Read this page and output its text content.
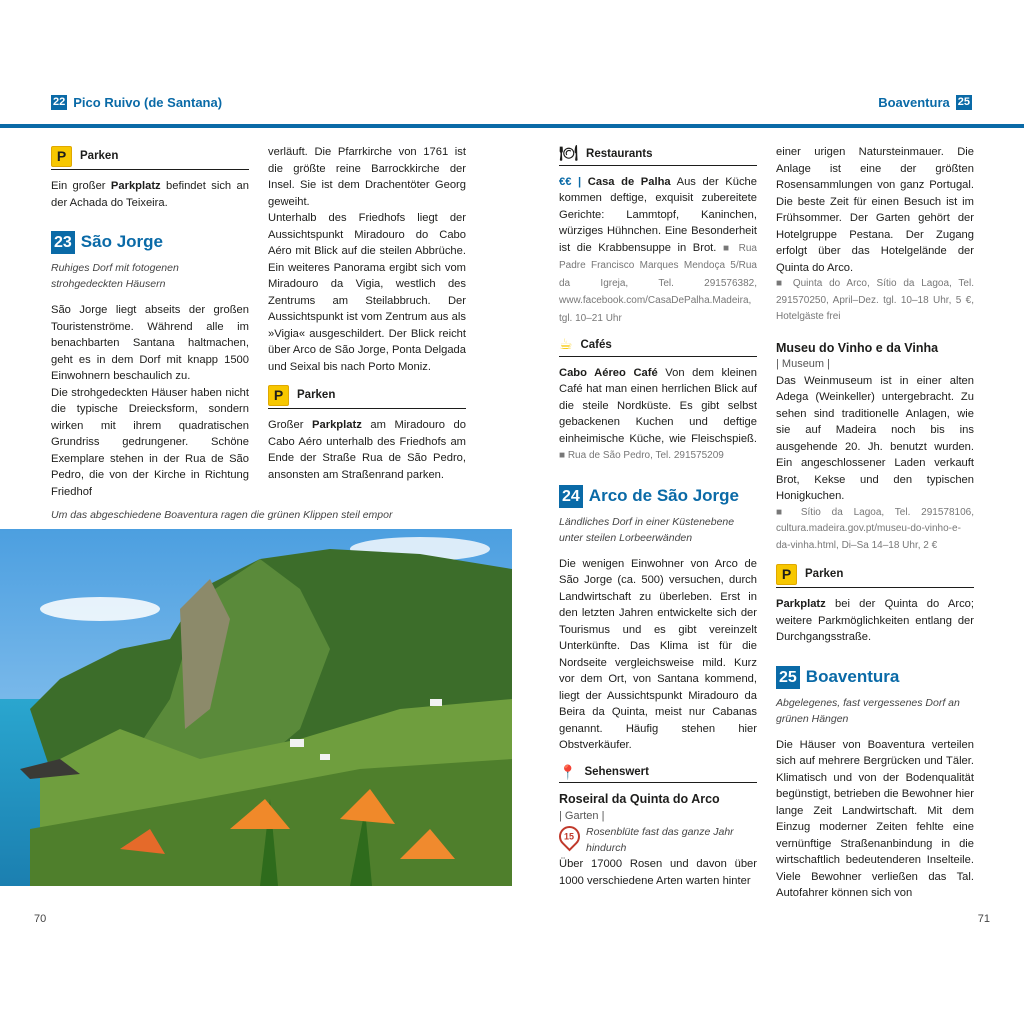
22 Pico Ruivo (de Santana)	Boaventura 25
P	Parken

Ein großer Parkplatz befindet sich an der Achada do Teixeira.

23 São Jorge
Ruhiges Dorf mit fotogenen strohgedeckten Häusern

São Jorge liegt abseits der großen Touristenströme. Während alle im benachbarten Santana haltmachen, geht es in dem Dorf mit knapp 1500 Einwohnern beschaulich zu.

Die strohgedeckten Häuser haben nicht die typische Dreiecksform, sondern wirken mit ihrem quadratischen Grundriss gedrungener. Schöne Exemplare stehen in der Rua de São Pedro, die von der Kirche in Richtung Friedhof

verläuft. Die Pfarrkirche von 1761 ist die größte reine Barrockkirche der Insel. Sie ist dem Drachentöter Georg geweiht.

Unterhalb des Friedhofs liegt der Aussichtspunkt Miradouro do Cabo Aéro mit Blick auf die steilen Abbrüche. Ein weiteres Panorama ergibt sich vom Miradouro da Vigia, westlich des Zentrums am Steilabbruch. Der Aussichtspunkt ist vom Zentrum aus als »Vigia« ausgeschildert. Der Blick reicht über Arco de São Jorge, Ponta Delgada und Seixal bis nach Porto Moniz.

P	Parken

Großer Parkplatz am Miradouro do Cabo Aéro unterhalb des Friedhofs am Ende der Straße Rua de São Pedro, ansonsten am Straßenrand parken.

Um das abgeschiedene Boaventura ragen die grünen Klippen steil empor
🍽 Restaurants

€€ | Casa de Palha Aus der Küche kommen deftige, exquisit zubereitete Gerichte: Lammtopf, Kaninchen, würziges Hühnchen. Eine Besonderheit ist die Krabbensuppe in Brot. ■ Rua Padre Francisco Marques Mendoça 5/Rua da Igreja, Tel. 291576382, www.facebook.com/CasaDePalha.Madeira, tgl. 10–21 Uhr

☕ Cafés

Cabo Aéreo Café Von dem kleinen Café hat man einen herrlichen Blick auf die steile Nordküste. Es gibt selbst gebackenen Kuchen und deftige einheimische Küche, wie Fleischspieß. ■ Rua de São Pedro, Tel. 291575209

24 Arco de São Jorge
Ländliches Dorf in einer Küstenebene unter steilen Lorbeerwänden

Die wenigen Einwohner von Arco de São Jorge (ca. 500) versuchen, durch Landwirtschaft zu überleben. Erst in den letzten Jahren entwickelte sich der Tourismus und es gibt vereinzelt Unterkünfte. Das Klima ist für die Nordseite vergleichsweise mild. Kurz vor dem Ort, von Santana kommend, liegt der Aussichtspunkt Miradouro da Beira da Quinta, meist nur Cabanas genannt. Häufig stehen hier Obstverkäufer.

📍 Sehenswert
Roseiral da Quinta do Arco
| Garten |
15 Rosenblüte fast das ganze Jahr hindurch

Über 17000 Rosen und davon über 1000 verschiedene Arten warten hinter

einer urigen Natursteinmauer. Die Anlage ist eine der größten Rosensammlungen von ganz Portugal. Die beste Zeit für einen Besuch ist im Frühsommer. Der Garten gehört der Hotelgruppe Pestana. Der Zugang erfolgt über das Hotelgelände der Quinta do Arco.

■ Quinta do Arco, Sítio da Lagoa, Tel. 291570250, April–Dez. tgl. 10–18 Uhr, 5 €, Hotelgäste frei

Museu do Vinho e da Vinha
| Museum |

Das Weinmuseum ist in einer alten Adega (Weinkeller) untergebracht. Zu sehen sind traditionelle Anlagen, wie sie auf Madeira noch bis ins ausgehende 20. Jh. benutzt wurden. Ein angeschlossener Laden verkauft Brot, Kekse und den typischen Honigkuchen.

■ Sítio da Lagoa, Tel. 291578106, cultura.madeira.gov.pt/museu-do-vinho-e-da-vinha.html, Di–Sa 14–18 Uhr, 2 €

P	Parken

Parkplatz bei der Quinta do Arco; weitere Parkmöglichkeiten entlang der Durchgangsstraße.

25 Boaventura
Abgelegenes, fast vergessenes Dorf an grünen Hängen

Die Häuser von Boaventura verteilen sich auf mehrere Bergrücken und Täler. Klimatisch und von der Bodenqualität begünstigt, betrieben die Bewohner hier lange Zeit Landwirtschaft. Mit dem Einzug moderner Zeiten fehlte eine vernünftige Straßenanbindung in die wirtschaftlich bedeutenderen Inselteile. Viele Bewohner verließen das Tal. Autofahrer können sich von

70	71
